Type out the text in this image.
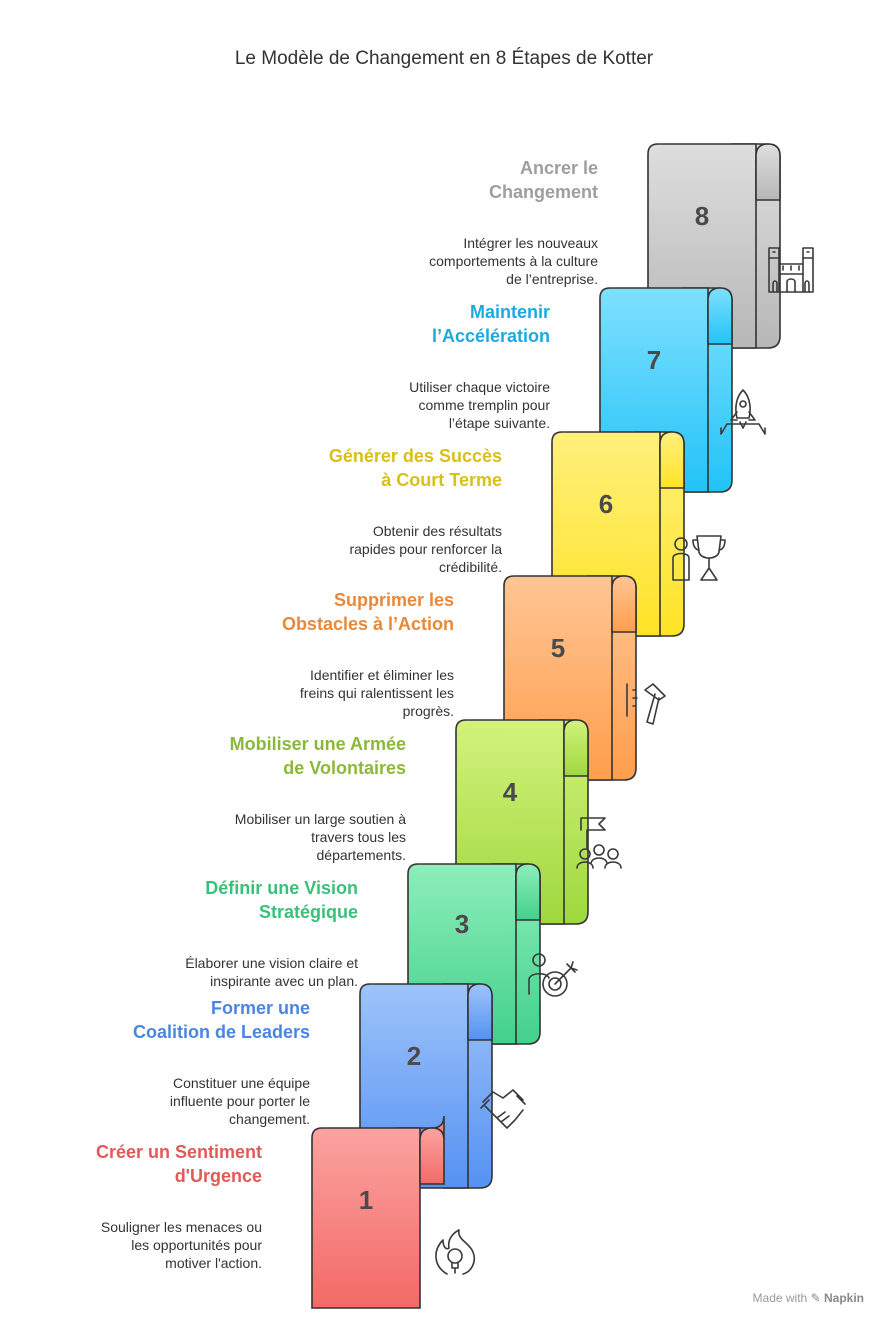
Le Modèle de Changement en 8 Étapes de Kotter
8
7
6
5
4
3
2
1
Ancrer le
Changement
Intégrer les nouveaux
comportements à la culture
de l’entreprise.
Maintenir
l’Accélération
Utiliser chaque victoire
comme tremplin pour
l’étape suivante.
Générer des Succès
à Court Terme
Obtenir des résultats
rapides pour renforcer la
crédibilité.
Supprimer les
Obstacles à l’Action
Identifier et éliminer les
freins qui ralentissent les
progrès.
Mobiliser une Armée
de Volontaires
Mobiliser un large soutien à
travers tous les
départements.
Définir une Vision
Stratégique
Élaborer une vision claire et
inspirante avec un plan.
Former une
Coalition de Leaders
Constituer une équipe
influente pour porter le
changement.
Créer un Sentiment
d'Urgence
Souligner les menaces ou
les opportunités pour
motiver l'action.
Made with ✎ Napkin
